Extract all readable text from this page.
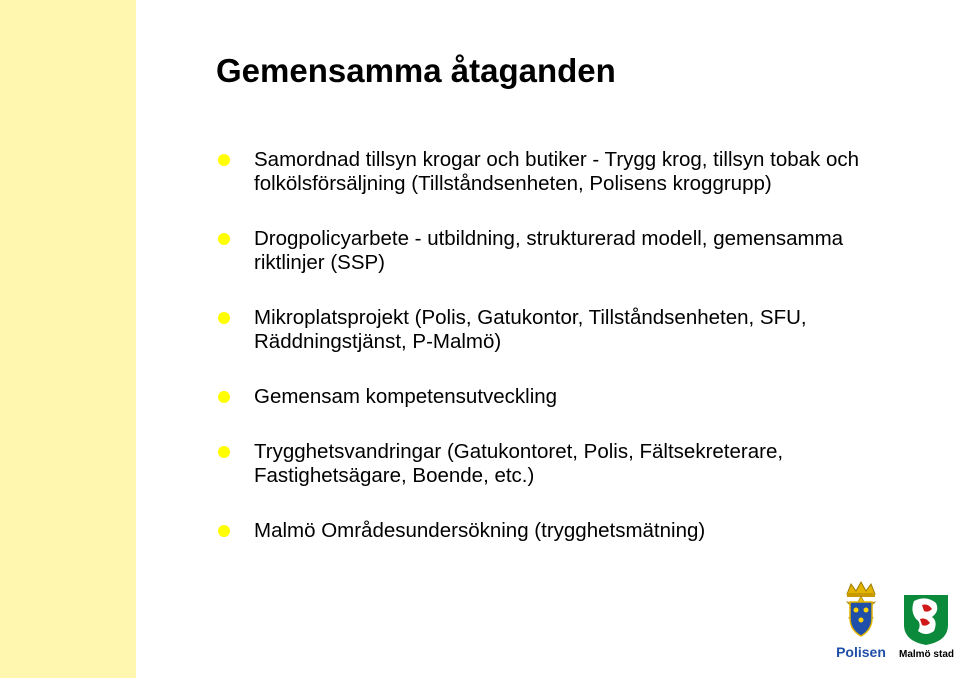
Gemensamma åtaganden
Samordnad tillsyn krogar och butiker - Trygg krog, tillsyn tobak och folkölsförsäljning (Tillståndsenheten, Polisens kroggrupp)
Drogpolicyarbete - utbildning, strukturerad modell, gemensamma riktlinjer (SSP)
Mikroplatsprojekt (Polis, Gatukontor, Tillståndsenheten, SFU, Räddningstjänst, P-Malmö)
Gemensam kompetensutveckling
Trygghetsvandringar (Gatukontoret, Polis, Fältsekreterare, Fastighetsägare, Boende, etc.)
Malmö Områdesundersökning (trygghetsmätning)
Polisen Malmö stad
